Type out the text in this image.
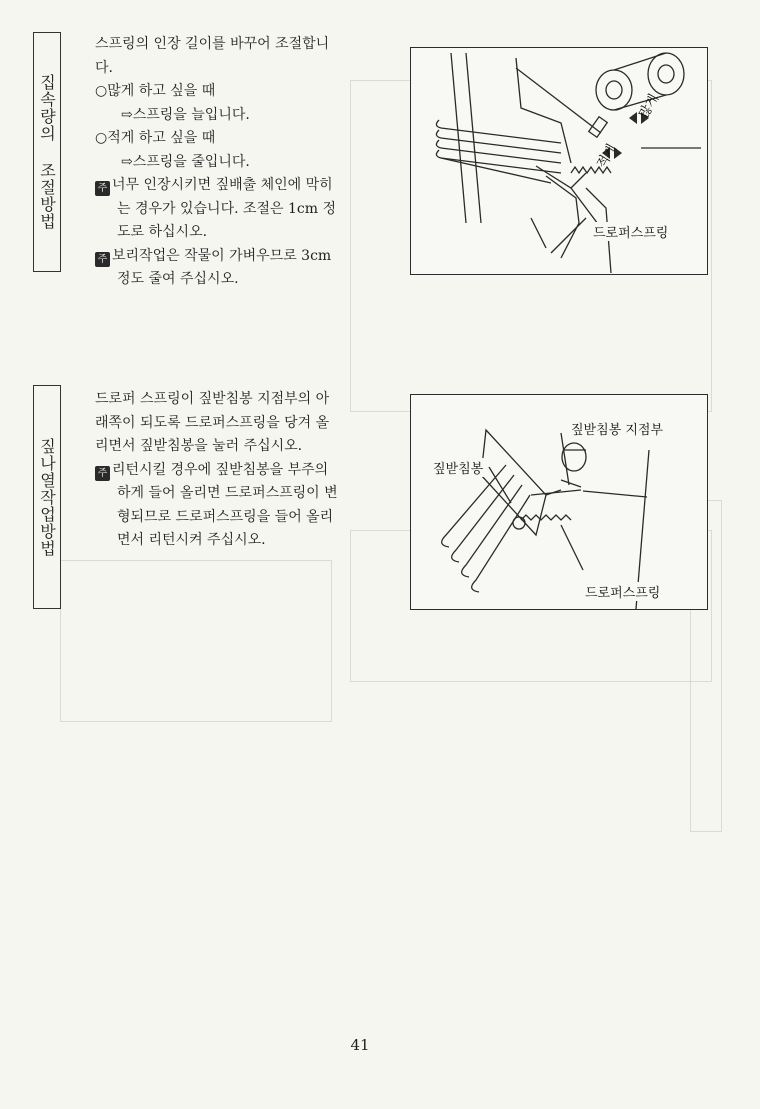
집속량의 조절방법
스프링의 인장 길이를 바꾸어 조절합니
다.
○많게 하고 싶을 때
⇨스프링을 늘입니다.
○적게 하고 싶을 때
⇨스프링을 줄입니다.
주 너무 인장시키면 짚배출 체인에 막히
는 경우가 있습니다. 조절은 1cm 정
도로 하십시오.
주 보리작업은 작물이 가벼우므로 3cm
정도 줄여 주십시오.
많게
적게
드로퍼스프링
짚나열작업방법
드로퍼 스프링이 짚받침봉 지점부의 아
래쪽이 되도록 드로퍼스프링을 당겨 올
리면서 짚받침봉을 눌러 주십시오.
주 리턴시킬 경우에 짚받침봉을 부주의
하게 들어 올리면 드로퍼스프링이 변
형되므로 드로퍼스프링을 들어 올리
면서 리턴시켜 주십시오.
짚받침봉 지점부
짚받침봉
드로퍼스프링
41
